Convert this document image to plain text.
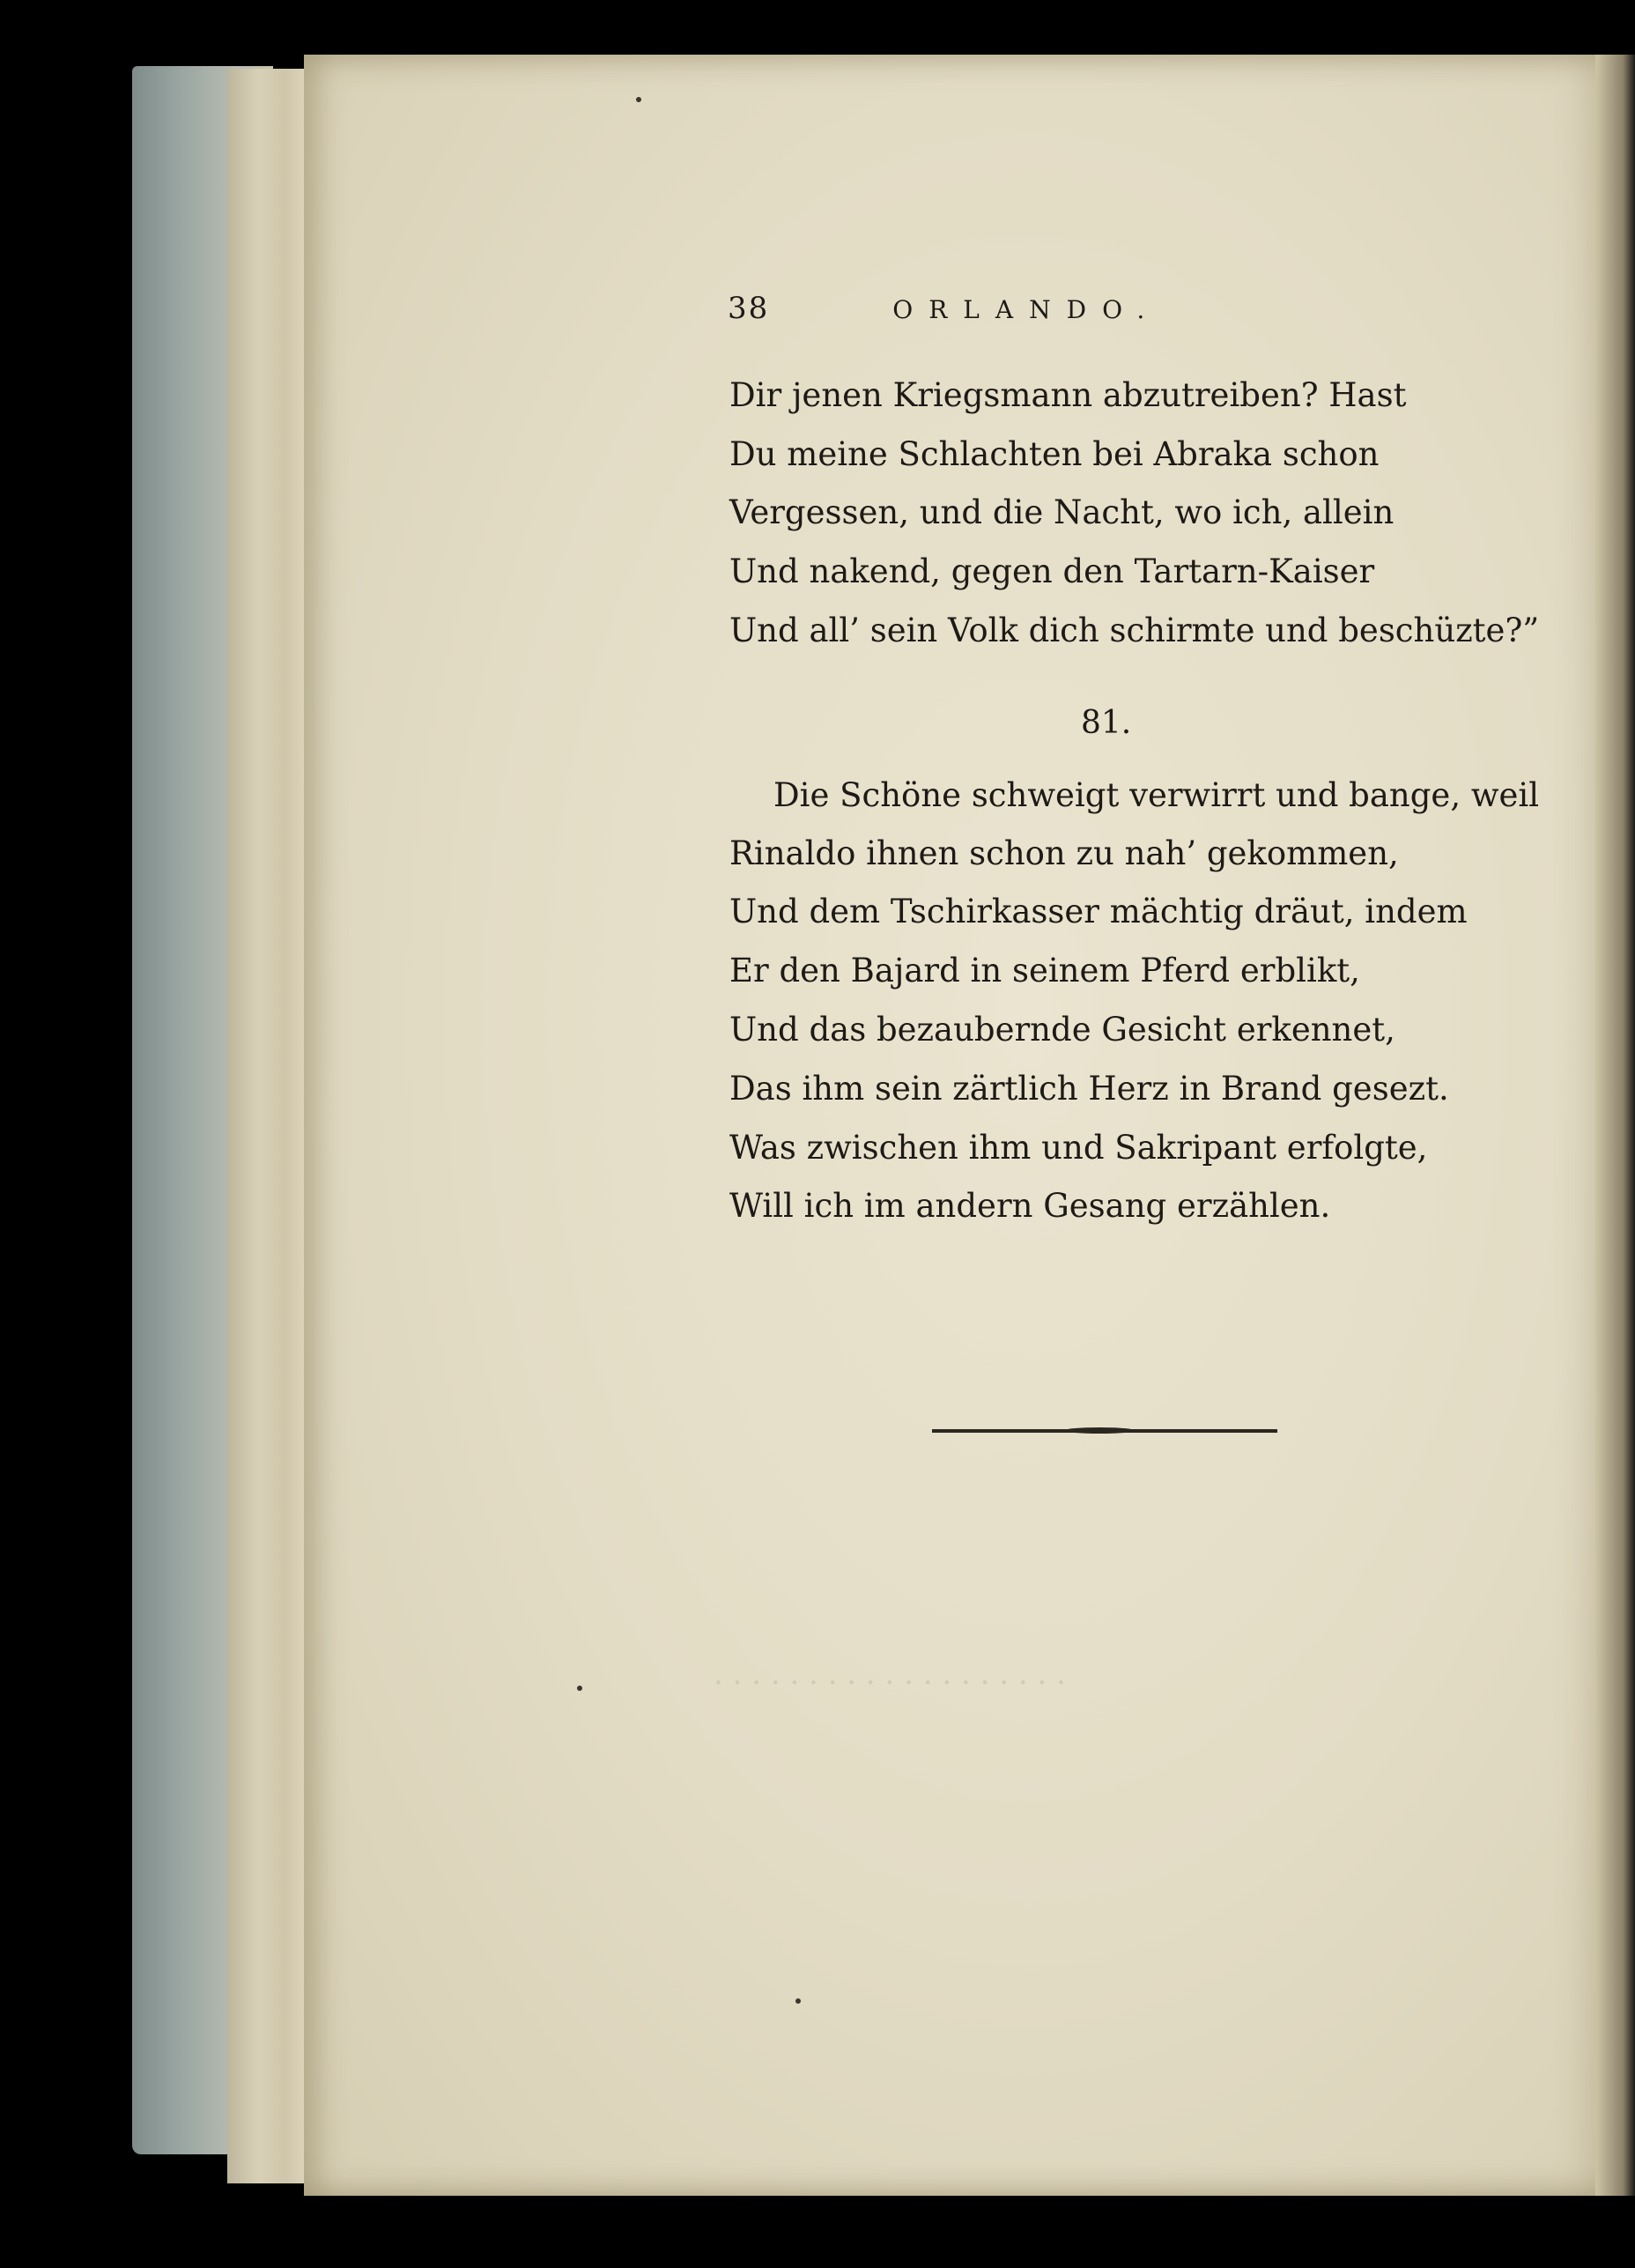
· · · · · · · · · · · · · · · · · · ·
38	ORLANDO.
Dir jenen Kriegsmann abzutreiben? Hast
Du meine Schlachten bei Abraka schon
Vergessen, und die Nacht, wo ich, allein
Und nakend, gegen den Tartarn-Kaiser
Und all’ sein Volk dich schirmte und beschüzte?”
81.
Die Schöne schweigt verwirrt und bange, weil
Rinaldo ihnen schon zu nah’ gekommen,
Und dem Tschirkasser mächtig dräut, indem
Er den Bajard in seinem Pferd erblikt,
Und das bezaubernde Gesicht erkennet,
Das ihm sein zärtlich Herz in Brand gesezt.
Was zwischen ihm und Sakripant erfolgte,
Will ich im andern Gesang erzählen.
